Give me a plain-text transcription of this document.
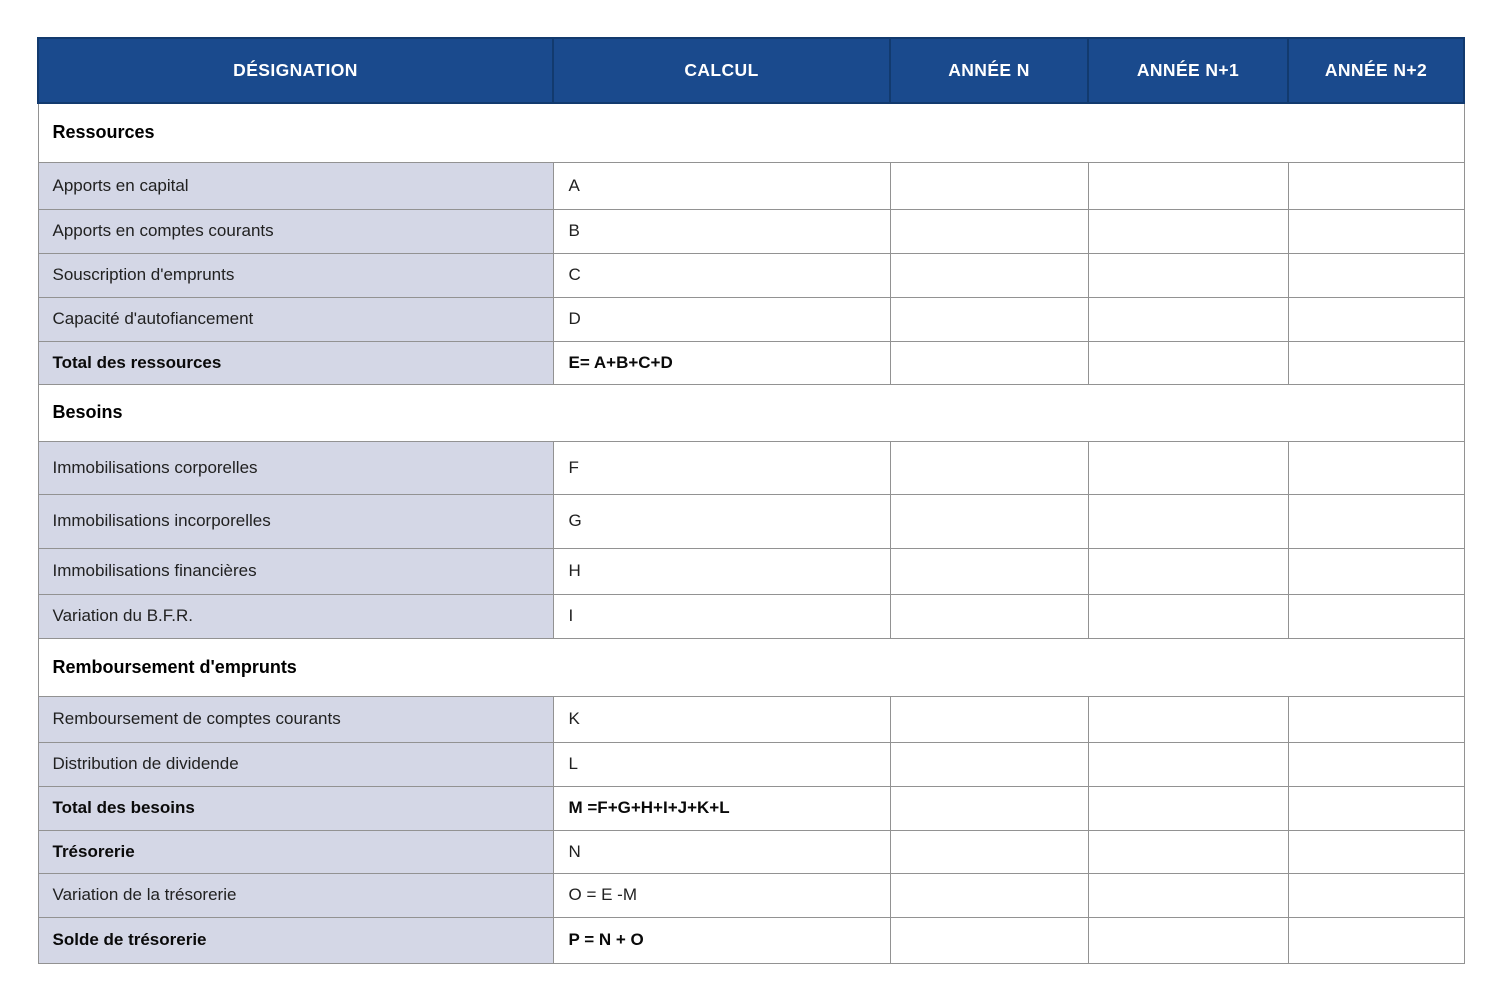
DÉSIGNATION	CALCUL	ANNÉE N	ANNÉE N+1	ANNÉE N+2
Ressources				
Apports en capital	A			
Apports en comptes courants	B			
Souscription d'emprunts	C			
Capacité d'autofiancement	D			
Total des ressources	E= A+B+C+D			
Besoins				
Immobilisations corporelles	F			
Immobilisations incorporelles	G			
Immobilisations financières	H			
Variation du B.F.R.	I			
Remboursement d'emprunts				
Remboursement de comptes courants	K			
Distribution de dividende	L			
Total des besoins	M =F+G+H+I+J+K+L			
Trésorerie	N			
Variation de la trésorerie	O = E -M			
Solde de trésorerie	P = N + O			
